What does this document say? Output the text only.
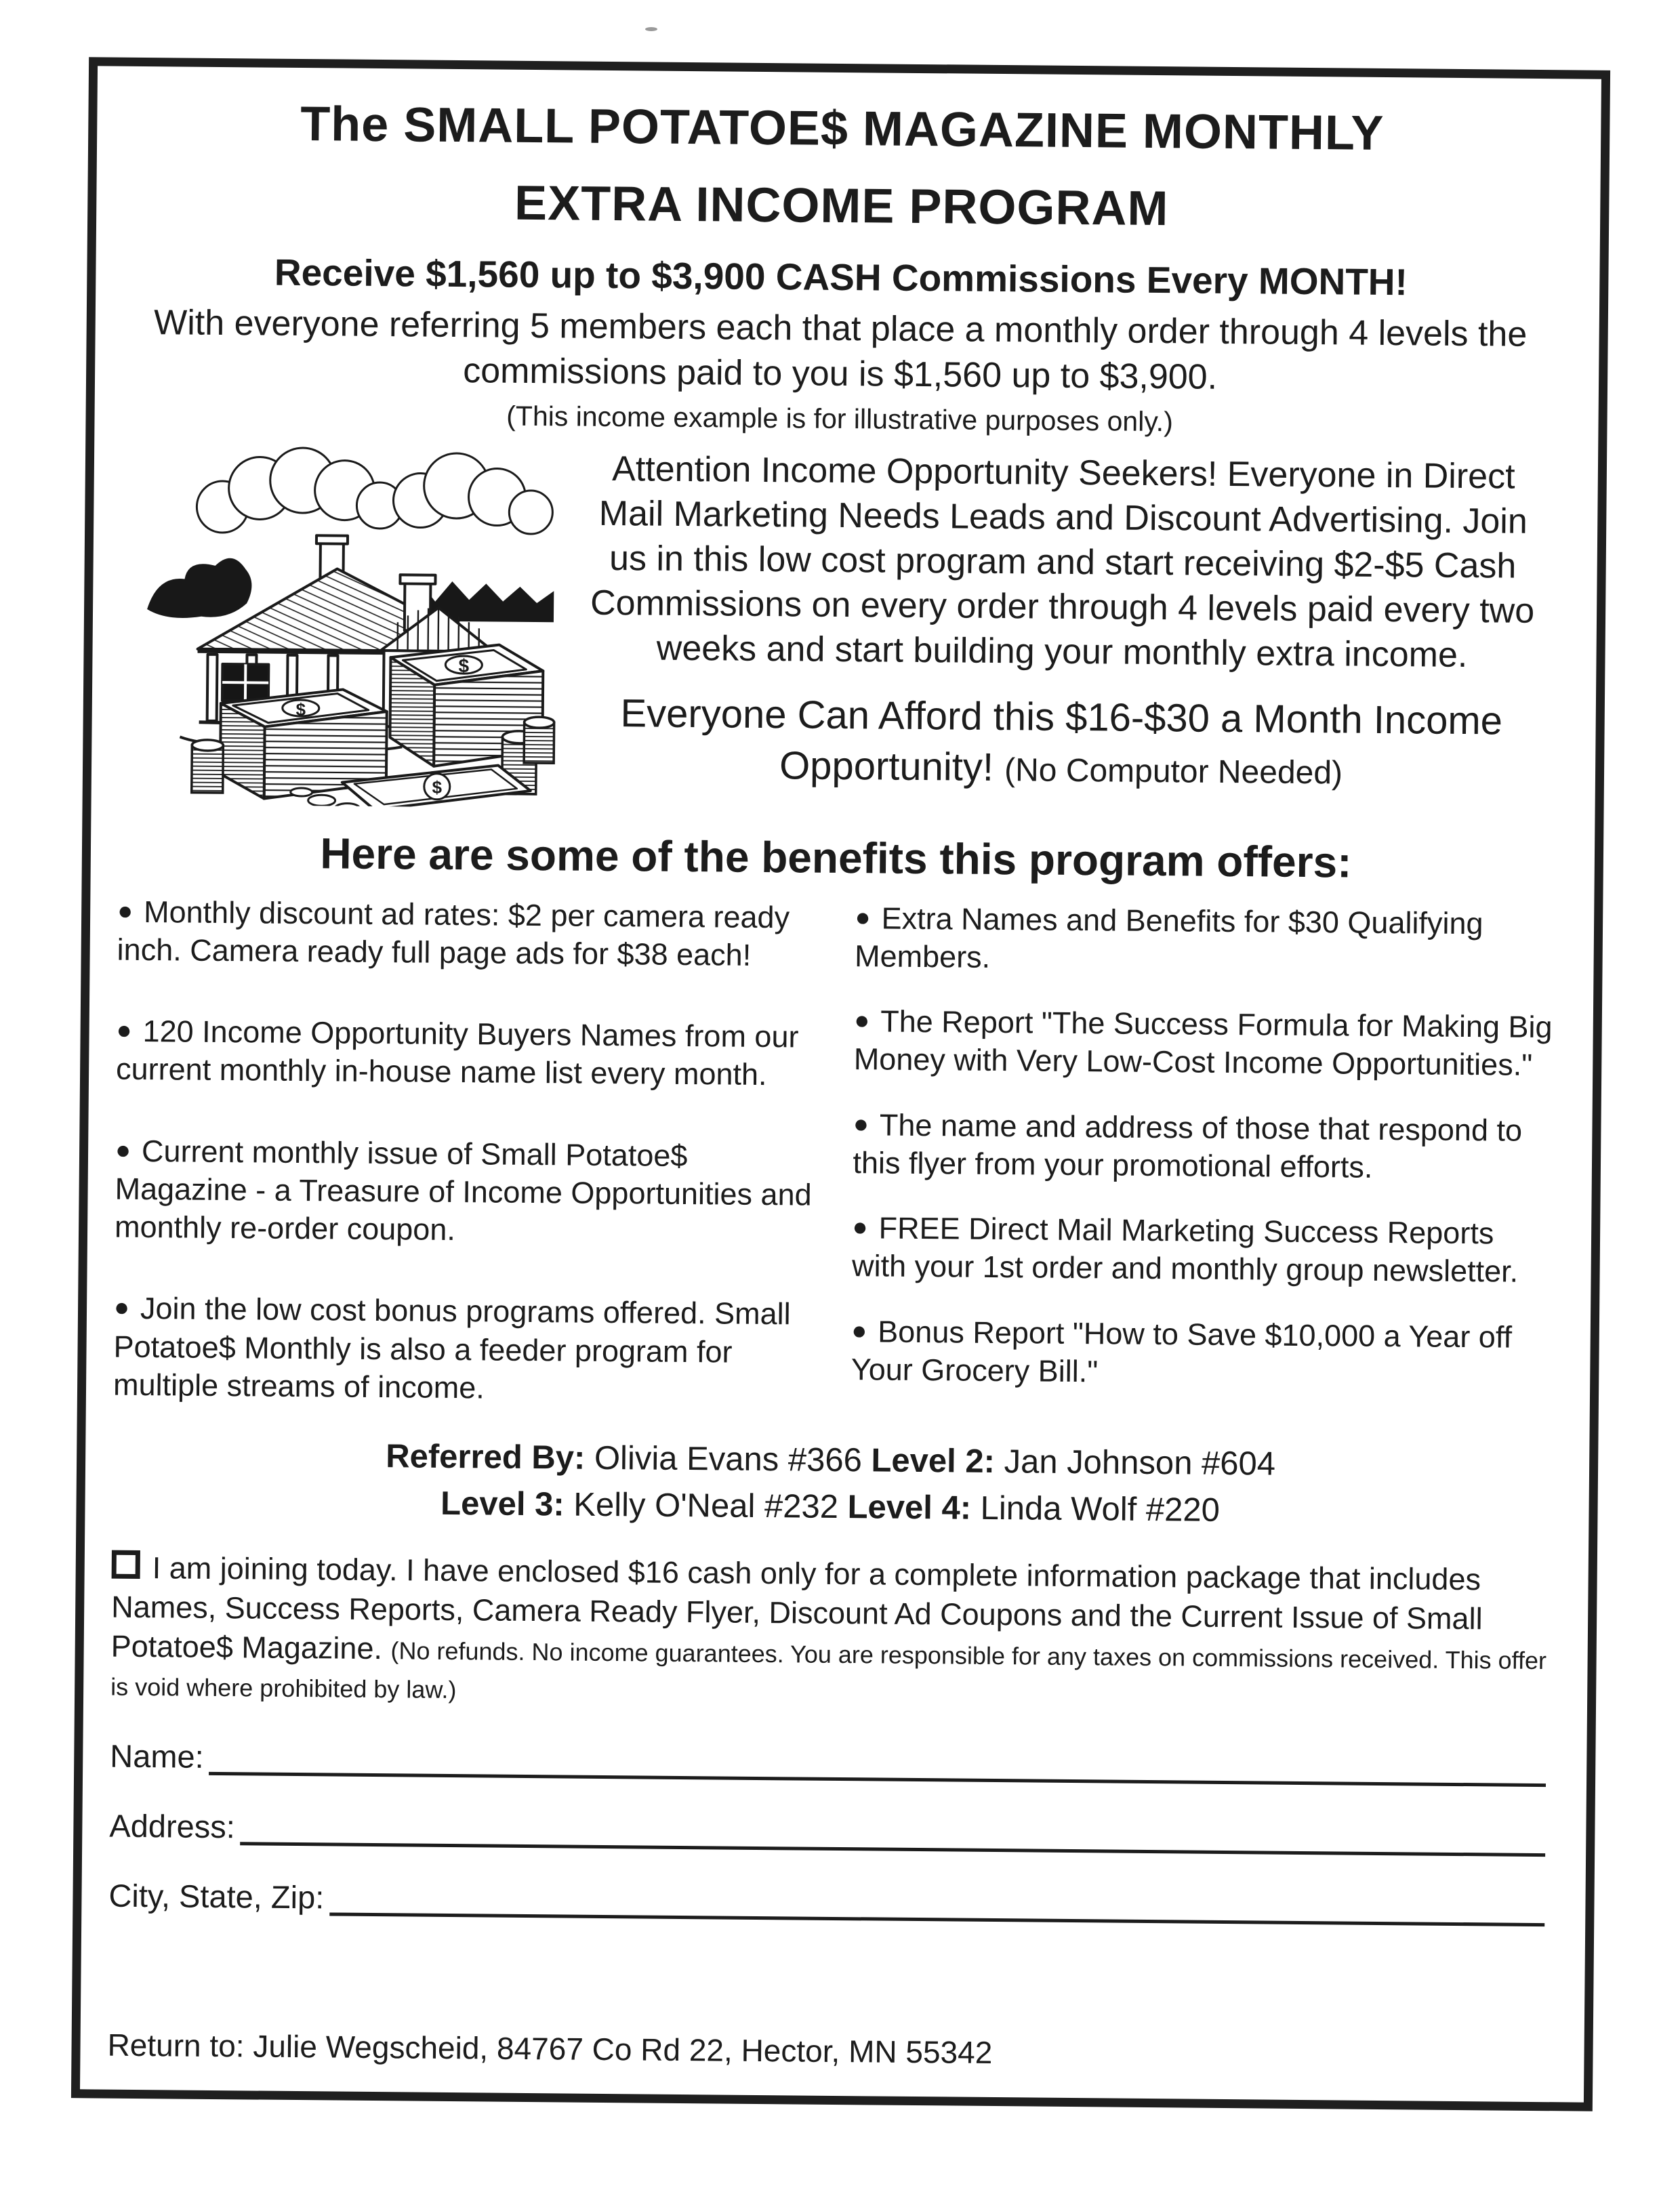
The SMALL POTATOE$ MAGAZINE MONTHLY
EXTRA INCOME PROGRAM
Receive $1,560 up to $3,900 CASH Commissions Every MONTH!
With everyone referring 5 members each that place a monthly order through 4 levels the commissions paid to you is $1,560 up to $3,900.
(This income example is for illustrative purposes only.)
$
$
$
Attention Income Opportunity Seekers! Everyone in Direct Mail Marketing Needs Leads and Discount Advertising. Join us in this low cost program and start receiving $2-$5 Cash Commissions on every order through 4 levels paid every two weeks and start building your monthly extra income.
Everyone Can Afford this $16-$30 a Month Income Opportunity! (No Computor Needed)
Here are some of the benefits this program offers:

● Monthly discount ad rates: $2 per camera ready inch. Camera ready full page ads for $38 each!

● 120 Income Opportunity Buyers Names from our current monthly in-house name list every month.

● Current monthly issue of Small Potatoe$ Magazine - a Treasure of Income Opportunities and monthly re-order coupon.

● Join the low cost bonus programs offered. Small Potatoe$ Monthly is also a feeder program for multiple streams of income.

● Extra Names and Benefits for $30 Qualifying Members.

● The Report "The Success Formula for Making Big Money with Very Low-Cost Income Opportunities."

● The name and address of those that respond to this flyer from your promotional efforts.

● FREE Direct Mail Marketing Success Reports with your 1st order and monthly group newsletter.

● Bonus Report "How to Save $10,000 a Year off Your Grocery Bill."

Referred By: Olivia Evans #366 Level 2: Jan Johnson #604
Level 3: Kelly O'Neal #232 Level 4: Linda Wolf #220
I am joining today. I have enclosed $16 cash only for a complete information package that includes Names, Success Reports, Camera Ready Flyer, Discount Ad Coupons and the Current Issue of Small Potatoe$ Magazine. (No refunds. No income guarantees. You are responsible for any taxes on commissions received. This offer is void where prohibited by law.)
Name:
Address:
City, State, Zip:
Return to: Julie Wegscheid, 84767 Co Rd 22, Hector, MN 55342
